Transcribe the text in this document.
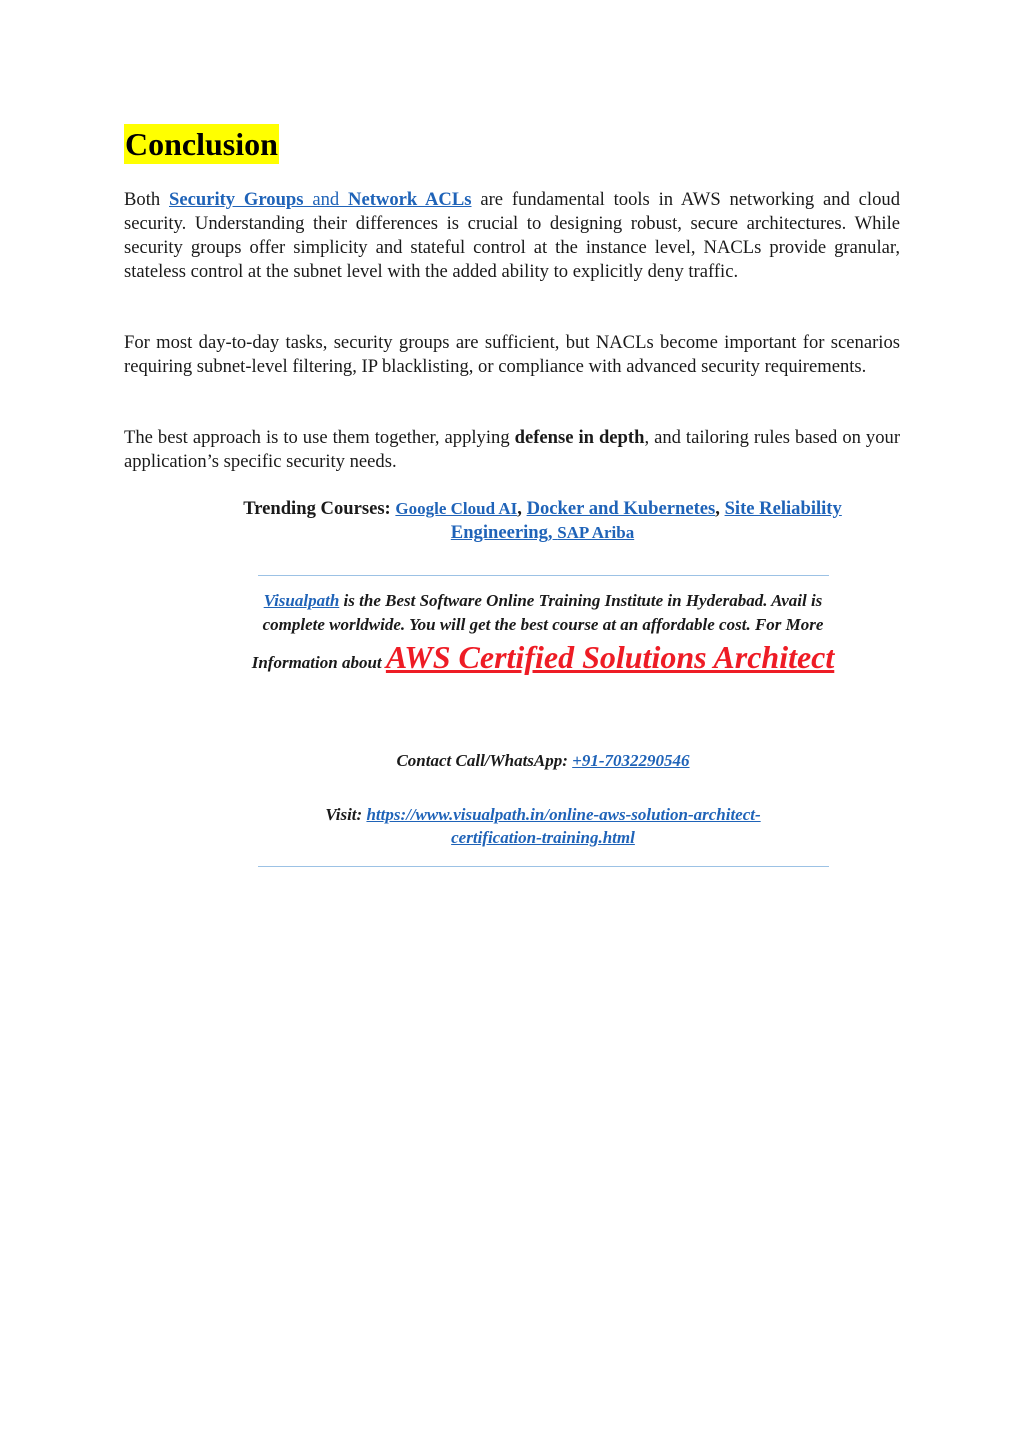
Conclusion

Both Security Groups and Network ACLs are fundamental tools in AWS networking and cloud security. Understanding their differences is crucial to designing robust, secure architectures. While security groups offer simplicity and stateful control at the instance level, NACLs provide granular, stateless control at the subnet level with the added ability to explicitly deny traffic.

For most day-to-day tasks, security groups are sufficient, but NACLs become important for scenarios requiring subnet-level filtering, IP blacklisting, or compliance with advanced security requirements.

The best approach is to use them together, applying defense in depth, and tailoring rules based on your application’s specific security needs.

Trending Courses: Google Cloud AI, Docker and Kubernetes, Site Reliability Engineering, SAP Ariba

Visualpath is the Best Software Online Training Institute in Hyderabad. Avail is complete worldwide. You will get the best course at an affordable cost. For More Information about AWS Certified Solutions Architect

Contact Call/WhatsApp: +91-7032290546

Visit: https://www.visualpath.in/online-aws-solution-architect-certification-training.html
